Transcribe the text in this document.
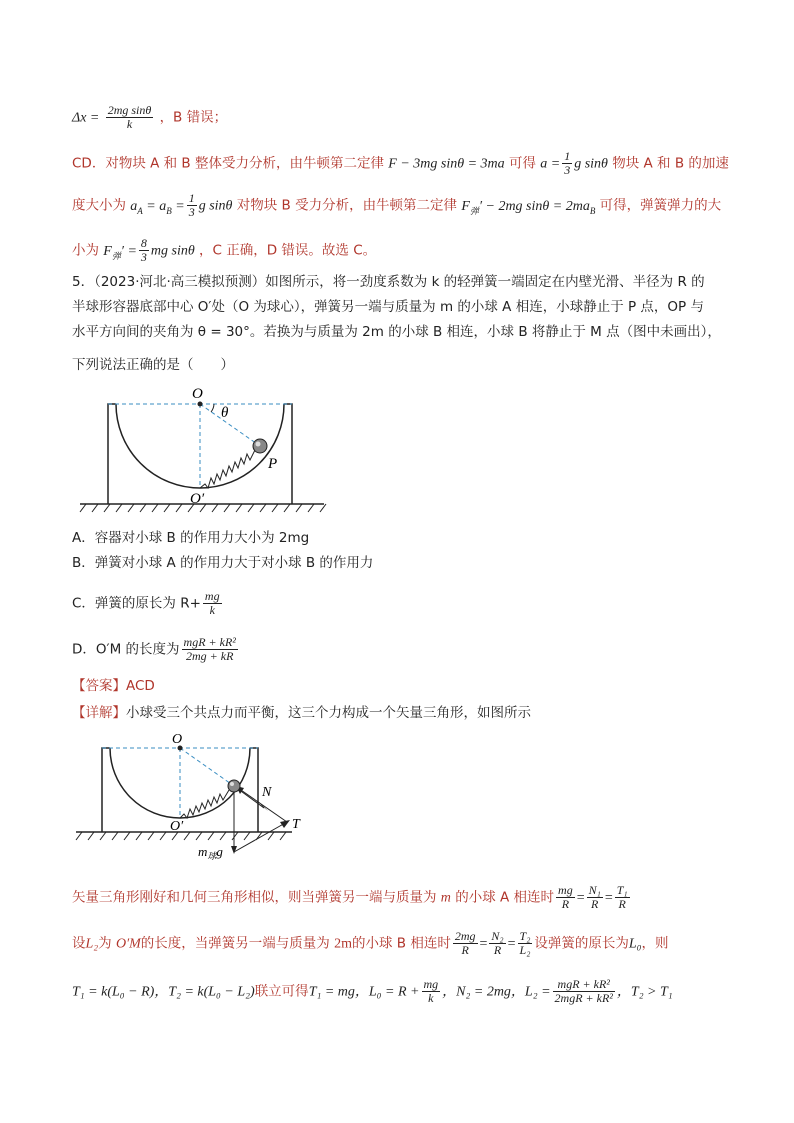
$\Delta x = \frac{\text{2mg sinθ}}{k}$ ，B 错误；
CD．对物块 A 和 B 整体受力分析，由牛顿第二定律 F − 3mg sinθ = 3ma 可得 $a = \frac{1}{3}$ g sinθ 物块 A 和 B 的加速
度大小为 $a_A = a_B = \frac{1}{3}$ g sinθ 对物块 B 受力分析，由牛顿第二定律 $F_弹' - 2mg$ $\sin\theta = 2ma_B$ 可得，弹簧弹力的大
小为 $F_弹' = \frac{8}{3}$ mg sinθ ，C 正确，D 错误。故选 C。
5．（2023·河北·高三模拟预测）如图所示，将一劲度系数为 k 的轻弹簧一端固定在内壁光滑、半径为 R 的
半球形容器底部中心 O′处（O 为球心），弹簧另一端与质量为 m 的小球 A 相连，小球静止于 P 点，OP 与
水平方向间的夹角为 θ = 30°。若换为与质量为 2m 的小球 B 相连，小球 B 将静止于 M 点（图中未画出），
下列说法正确的是（　　）
O
θ
P
O′
A．容器对小球 B 的作用力大小为 2mg
B．弹簧对小球 A 的作用力大于对小球 B 的作用力
C．弹簧的原长为 $R+ \frac{mg}{k}$
D．O′M 的长度为 $\frac{\text{mgR + kR²}}{2mg + kR}$
【答案】ACD
【详解】小球受三个共点力而平衡，这三个力构成一个矢量三角形，如图所示
O
N
T
O′
$m_球g$
矢量三角形刚好和几何三角形相似，则当弹簧另一端与质量为 m 的小球 A 相连时 $\frac{mg}{R} = \frac{\text{N₁}}{R} = \frac{\text{T₁}}{R}$
设L₂为 O′M的长度，当弹簧另一端与质量为 2m的小球 B 相连时 $\frac{2mg}{R} = \frac{\text{N₂}}{R} = \frac{\text{T₂}}{\text{L₂}}$ 设弹簧的原长为L₀，则
T₁ = k(L₀ − R)，T₂ = k(L₀ − L₂)联立可得T₁ = mg，$L_0 = R + \frac{mg}{k}$ ，N₂ = 2mg，$L_2 = \frac{\text{mgR + kR²}}{\text{2mgR + kR²}}$ ，T₂ > T₁
